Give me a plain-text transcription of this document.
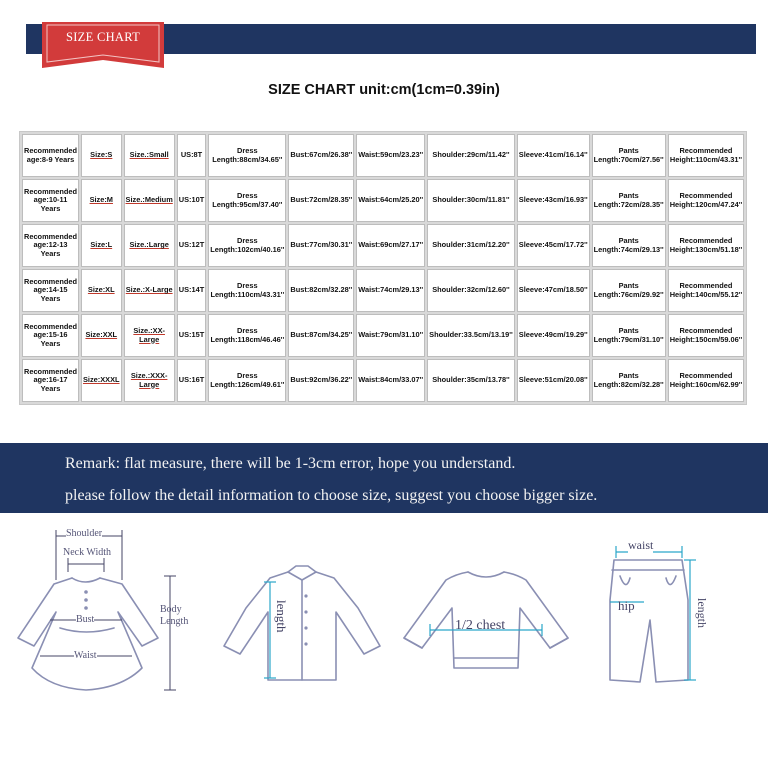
SIZE CHART
SIZE CHART unit:cm(1cm=0.39in)
Recommended age:8-9 Years	Size:S	Size.:Small	US:8T	Dress Length:88cm/34.65''	Bust:67cm/26.38''	Waist:59cm/23.23''	Shoulder:29cm/11.42''	Sleeve:41cm/16.14''	Pants Length:70cm/27.56''	Recommended Height:110cm/43.31''
Recommended age:10-11 Years	Size:M	Size.:Medium	US:10T	Dress Length:95cm/37.40''	Bust:72cm/28.35''	Waist:64cm/25.20''	Shoulder:30cm/11.81''	Sleeve:43cm/16.93''	Pants Length:72cm/28.35''	Recommended Height:120cm/47.24''
Recommended age:12-13 Years	Size:L	Size.:Large	US:12T	Dress Length:102cm/40.16''	Bust:77cm/30.31''	Waist:69cm/27.17''	Shoulder:31cm/12.20''	Sleeve:45cm/17.72''	Pants Length:74cm/29.13''	Recommended Height:130cm/51.18''
Recommended age:14-15 Years	Size:XL	Size.:X-Large	US:14T	Dress Length:110cm/43.31''	Bust:82cm/32.28''	Waist:74cm/29.13''	Shoulder:32cm/12.60''	Sleeve:47cm/18.50''	Pants Length:76cm/29.92''	Recommended Height:140cm/55.12''
Recommended age:15-16 Years	Size:XXL	Size.:XX-Large	US:15T	Dress Length:118cm/46.46''	Bust:87cm/34.25''	Waist:79cm/31.10''	Shoulder:33.5cm/13.19''	Sleeve:49cm/19.29''	Pants Length:79cm/31.10''	Recommended Height:150cm/59.06''
Recommended age:16-17 Years	Size:XXXL	Size.:XXX-Large	US:16T	Dress Length:126cm/49.61''	Bust:92cm/36.22''	Waist:84cm/33.07''	Shoulder:35cm/13.78''	Sleeve:51cm/20.08''	Pants Length:82cm/32.28''	Recommended Height:160cm/62.99''
Remark: flat measure, there will be 1-3cm error, hope you understand.
please follow the detail information to choose size, suggest you choose bigger size.
Shoulder
Neck Width
Bust
Waist
Body Length	length	1/2 chest
waist
hip	length
